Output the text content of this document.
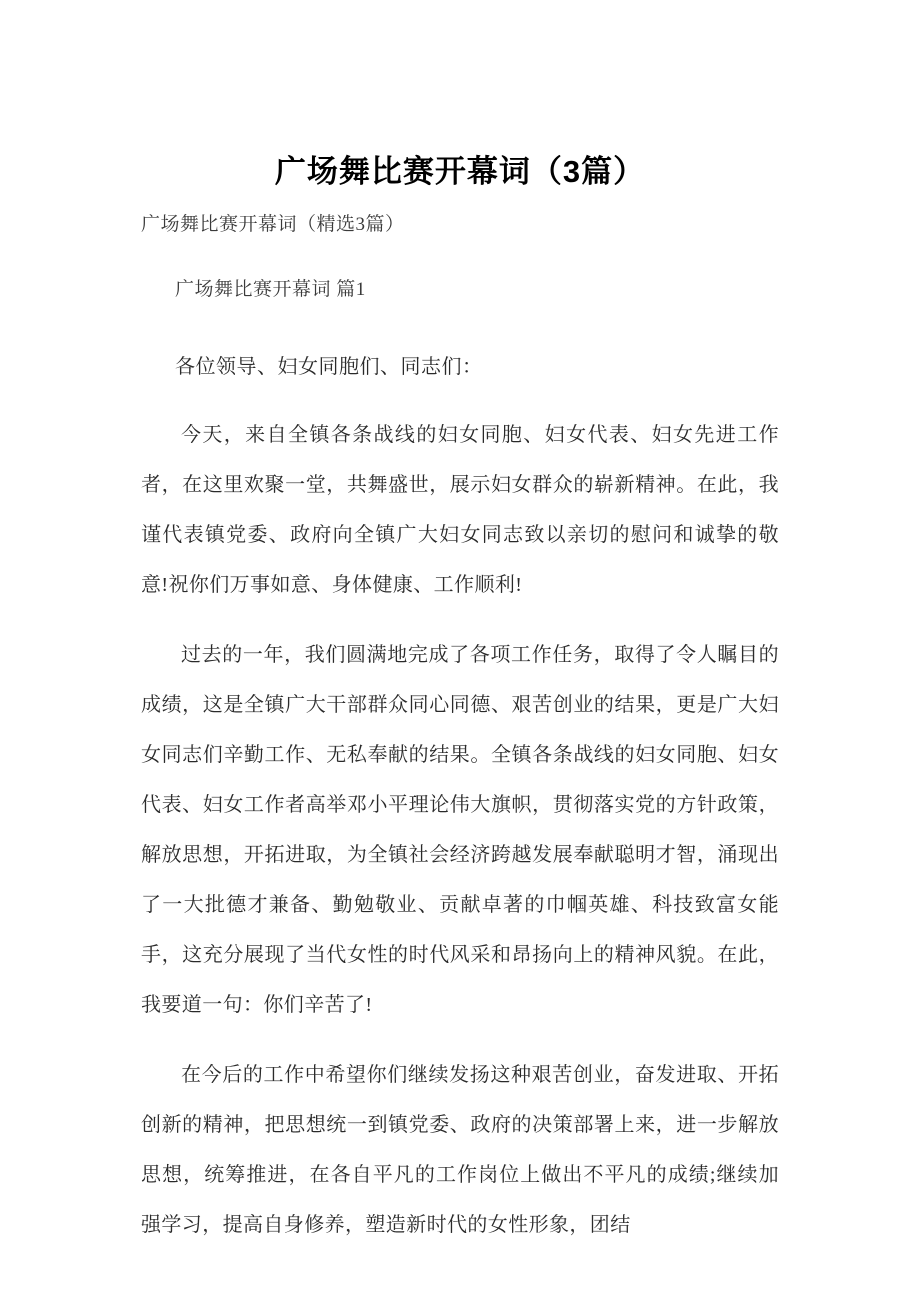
广场舞比赛开幕词（3篇）

广场舞比赛开幕词（精选3篇）

广场舞比赛开幕词 篇1

各位领导、妇女同胞们、同志们：

今天，来自全镇各条战线的妇女同胞、妇女代表、妇女先进工作者，在这里欢聚一堂，共舞盛世，展示妇女群众的崭新精神。在此，我谨代表镇党委、政府向全镇广大妇女同志致以亲切的慰问和诚挚的敬意!祝你们万事如意、身体健康、工作顺利!

过去的一年，我们圆满地完成了各项工作任务，取得了令人瞩目的成绩，这是全镇广大干部群众同心同德、艰苦创业的结果，更是广大妇女同志们辛勤工作、无私奉献的结果。全镇各条战线的妇女同胞、妇女代表、妇女工作者高举邓小平理论伟大旗帜，贯彻落实党的方针政策，解放思想，开拓进取，为全镇社会经济跨越发展奉献聪明才智，涌现出了一大批德才兼备、勤勉敬业、贡献卓著的巾帼英雄、科技致富女能手，这充分展现了当代女性的时代风采和昂扬向上的精神风貌。在此，我要道一句：你们辛苦了!

在今后的工作中希望你们继续发扬这种艰苦创业，奋发进取、开拓创新的精神，把思想统一到镇党委、政府的决策部署上来，进一步解放思想，统筹推进，在各自平凡的工作岗位上做出不平凡的成绩;继续加强学习，提高自身修养，塑造新时代的女性形象，团结
